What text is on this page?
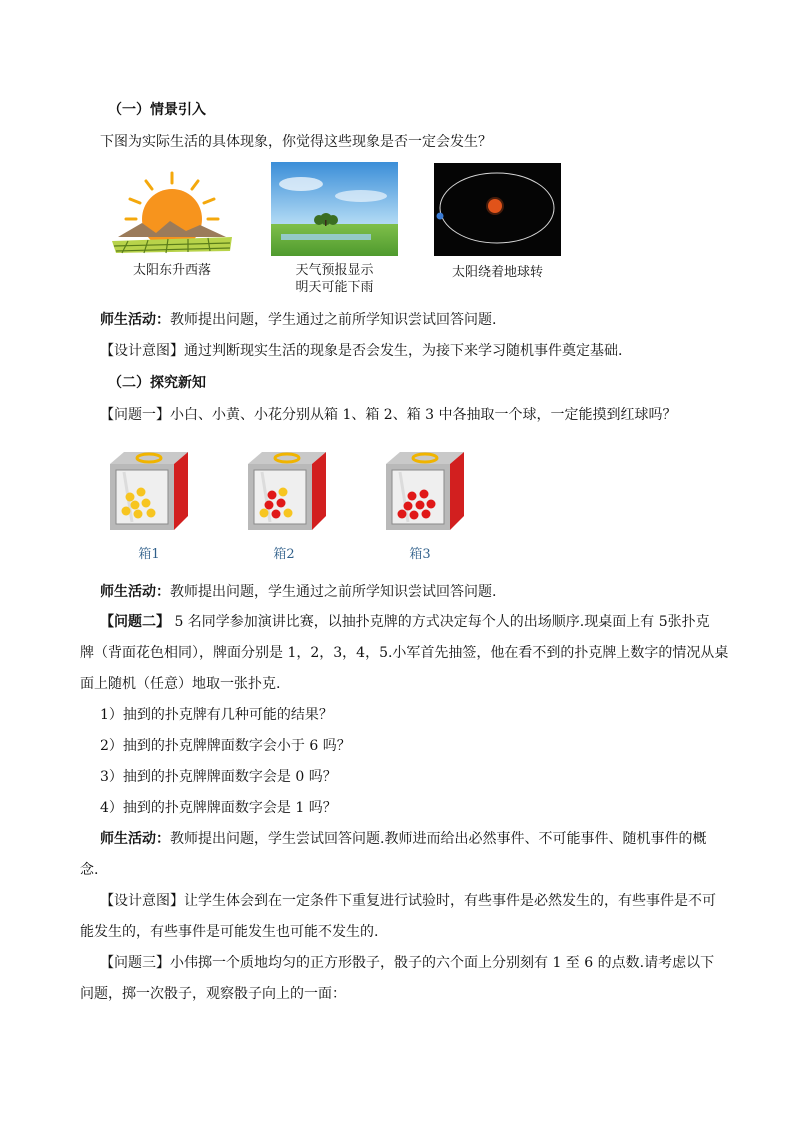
（一）情景引入
下图为实际生活的具体现象，你觉得这些现象是否一定会发生？
太阳东升西落	天气预报显示
明天可能下雨
太阳绕着地球转
师生活动：教师提出问题，学生通过之前所学知识尝试回答问题.
【设计意图】通过判断现实生活的现象是否会发生，为接下来学习随机事件奠定基础.
（二）探究新知
【问题一】小白、小黄、小花分别从箱 1、箱 2、箱 3 中各抽取一个球，一定能摸到红球吗？
箱1	箱2	箱3
师生活动：教师提出问题，学生通过之前所学知识尝试回答问题.
【问题二】 5 名同学参加演讲比赛，以抽扑克牌的方式决定每个人的出场顺序.现桌面上有 5张扑克
牌（背面花色相同），牌面分别是 1，2，3，4，5.小军首先抽签，他在看不到的扑克牌上数字的情况从桌
面上随机（任意）地取一张扑克.
1）抽到的扑克牌有几种可能的结果？
2）抽到的扑克牌牌面数字会小于 6 吗？
3）抽到的扑克牌牌面数字会是 0 吗？
4）抽到的扑克牌牌面数字会是 1 吗？
师生活动：教师提出问题，学生尝试回答问题.教师进而给出必然事件、不可能事件、随机事件的概
念.
【设计意图】让学生体会到在一定条件下重复进行试验时，有些事件是必然发生的，有些事件是不可
能发生的，有些事件是可能发生也可能不发生的.
【问题三】小伟掷一个质地均匀的正方形骰子，骰子的六个面上分别刻有 1 至 6 的点数.请考虑以下
问题，掷一次骰子，观察骰子向上的一面：
